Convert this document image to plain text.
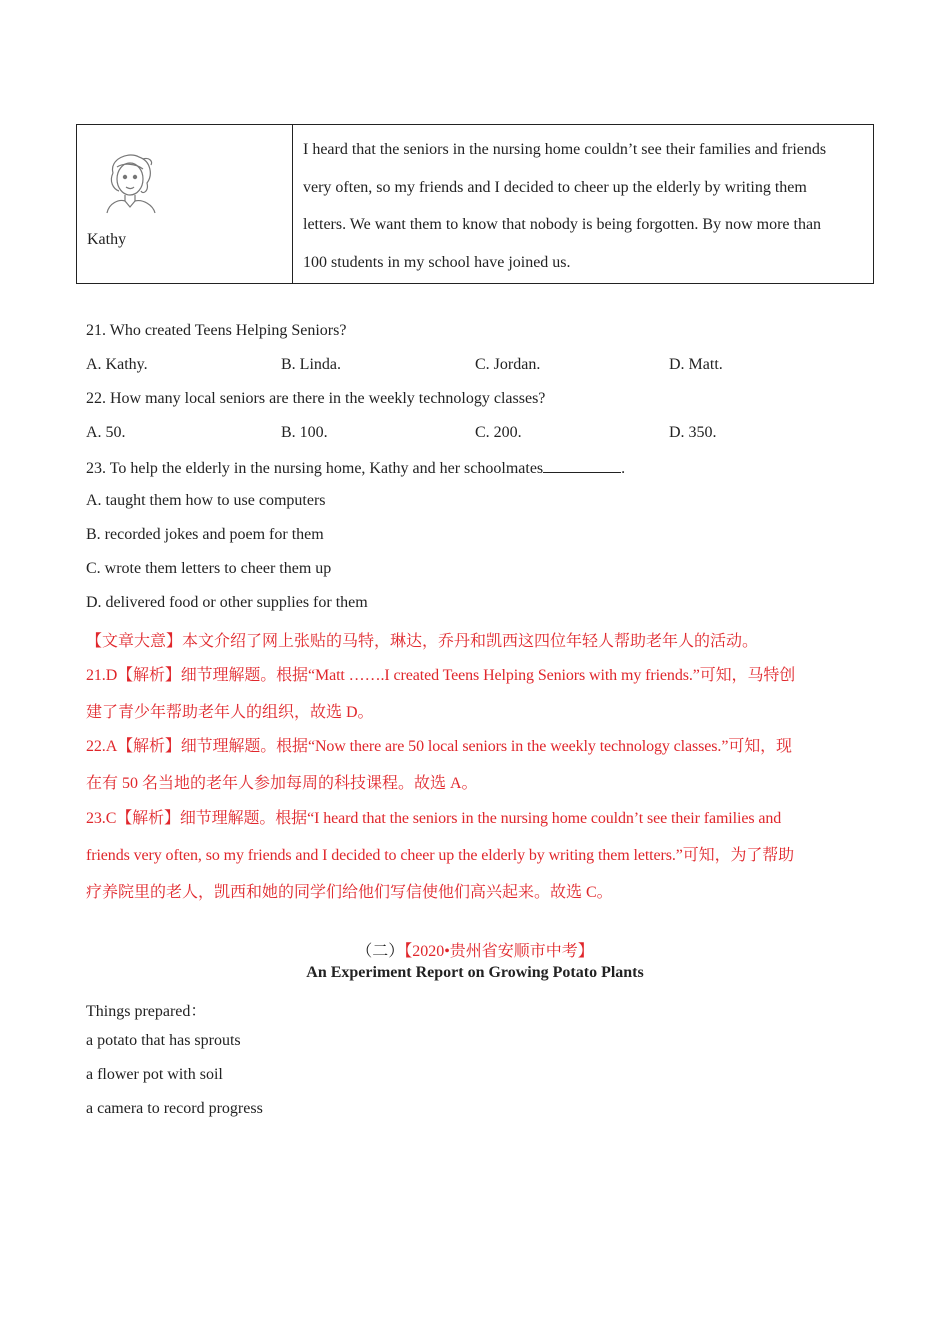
Kathy
I heard that the seniors in the nursing home couldn’t see their families and friends
very often, so my friends and I decided to cheer up the elderly by writing them
letters. We want them to know that nobody is being forgotten. By now more than
100 students in my school have joined us.
21. Who created Teens Helping Seniors?
A. Kathy.	B. Linda.	C. Jordan.	D. Matt.
22. How many local seniors are there in the weekly technology classes?
A. 50.	B. 100.	C. 200.	D. 350.
23. To help the elderly in the nursing home, Kathy and her schoolmates	.
A. taught them how to use computers
B. recorded jokes and poem for them
C. wrote them letters to cheer them up
D. delivered food or other supplies for them
【文章大意】本文介绍了网上张贴的马特，琳达，乔丹和凯西这四位年轻人帮助老年人的活动。
21.D【解析】细节理解题。根据“Matt …….I created Teens Helping Seniors with my friends.”可知，马特创
建了青少年帮助老年人的组织，故选 D。
22.A【解析】细节理解题。根据“Now there are 50 local seniors in the weekly technology classes.”可知，现
在有 50 名当地的老年人参加每周的科技课程。故选 A。
23.C【解析】细节理解题。根据“I heard that the seniors in the nursing home couldn’t see their families and
friends very often, so my friends and I decided to cheer up the elderly by writing them letters.”可知，为了帮助
疗养院里的老人，凯西和她的同学们给他们写信使他们高兴起来。故选 C。
（二）【2020•贵州省安顺市中考】
An Experiment Report on Growing Potato Plants
Things prepared：
a potato that has sprouts
a flower pot with soil
a camera to record progress
